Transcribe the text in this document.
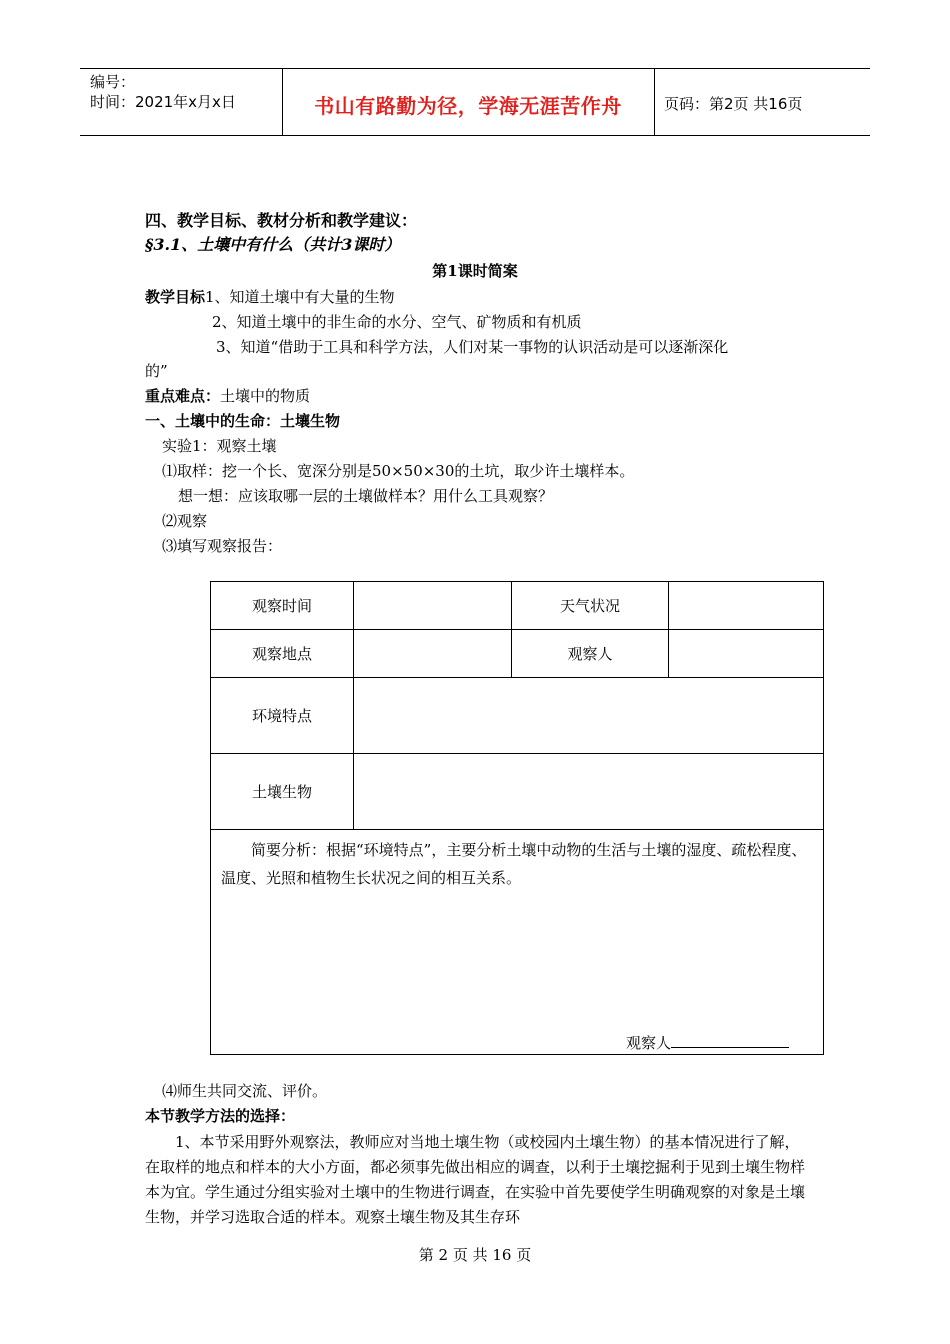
编号：
时间：2021年x月x日	书山有路勤为径，学海无涯苦作舟	页码：第2页 共16页
四、教学目标、教材分析和教学建议：
§3.1、土壤中有什么（共计3课时）
第1课时简案
教学目标1、知道土壤中有大量的生物
2、知道土壤中的非生命的水分、空气、矿物质和有机质
3、知道“借助于工具和科学方法，人们对某一事物的认识活动是可以逐渐深化
的”
重点难点：土壤中的物质
一、土壤中的生命：土壤生物
实验1：观察土壤
⑴取样：挖一个长、宽深分别是50×50×30的土坑，取少许土壤样本。
想一想：应该取哪一层的土壤做样本？用什么工具观察？
⑵观察
⑶填写观察报告：
观察时间		天气状况	
观察地点		观察人	
环境特点			
土壤生物			

简要分析：根据“环境特点”，主要分析土壤中动物的生活与土壤的湿度、疏松程度、温度、光照和植物生长状况之间的相互关系。
观察人			
⑷师生共同交流、评价。
本节教学方法的选择：
1、本节采用野外观察法，教师应对当地土壤生物（或校园内土壤生物）的基本情况进行了解，在取样的地点和样本的大小方面，都必须事先做出相应的调查，以利于土壤挖掘利于见到土壤生物样本为宜。学生通过分组实验对土壤中的生物进行调查，在实验中首先要使学生明确观察的对象是土壤生物，并学习选取合适的样本。观察土壤生物及其生存环
第 2 页 共 16 页
